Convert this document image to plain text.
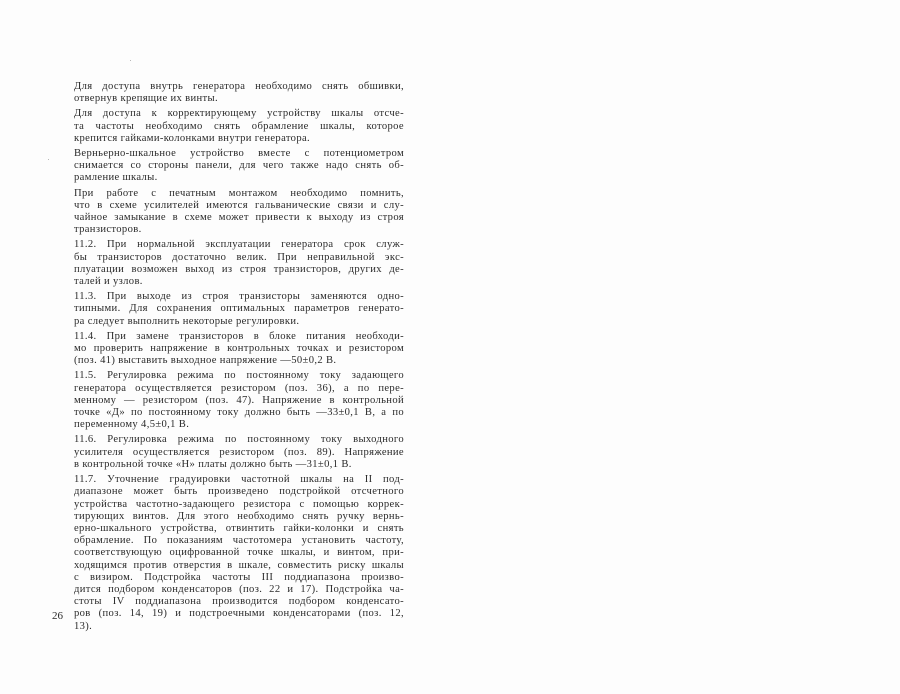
Для доступа внутрь генератора необходимо снять обшивки,
отвернув крепящие их винты.
Для доступа к корректирующему устройству шкалы отсче-
та частоты необходимо снять обрамление шкалы, которое
крепится гайками-колонками внутри генератора.
Верньерно-шкальное устройство вместе с потенциометром
снимается со стороны панели, для чего также надо снять об-
рамление шкалы.
При работе с печатным монтажом необходимо помнить,
что в схеме усилителей имеются гальванические связи и слу-
чайное замыкание в схеме может привести к выходу из строя
транзисторов.
11.2. При нормальной эксплуатации генератора срок служ-
бы транзисторов достаточно велик. При неправильной экс-
плуатации возможен выход из строя транзисторов, других де-
талей и узлов.
11.3. При выходе из строя транзисторы заменяются одно-
типными. Для сохранения оптимальных параметров генерато-
ра следует выполнить некоторые регулировки.
11.4. При замене транзисторов в блоке питания необходи-
мо проверить напряжение в контрольных точках и резистором
(поз. 41) выставить выходное напряжение —50±0,2 В.
11.5. Регулировка режима по постоянному току задающего
генератора осуществляется резистором (поз. 36), а по пере-
менному — резистором (поз. 47). Напряжение в контрольной
точке «Д» по постоянному току должно быть —33±0,1 В, а по
переменному 4,5±0,1 В.
11.6. Регулировка режима по постоянному току выходного
усилителя осуществляется резистором (поз. 89). Напряжение
в контрольной точке «Н» платы должно быть —31±0,1 В.
11.7. Уточнение градуировки частотной шкалы на II под-
диапазоне может быть произведено подстройкой отсчетного
устройства частотно-задающего резистора с помощью коррек-
тирующих винтов. Для этого необходимо снять ручку вернь-
ерно-шкального устройства, отвинтить гайки-колонки и снять
обрамление. По показаниям частотомера установить частоту,
соответствующую оцифрованной точке шкалы, и винтом, при-
ходящимся против отверстия в шкале, совместить риску шкалы
с визиром. Подстройка частоты III поддиапазона произво-
дится подбором конденсаторов (поз. 22 и 17). Подстройка ча-
стоты IV поддиапазона производится подбором конденсато-
ров (поз. 14, 19) и подстроечными конденсаторами (поз. 12,
13).
26
